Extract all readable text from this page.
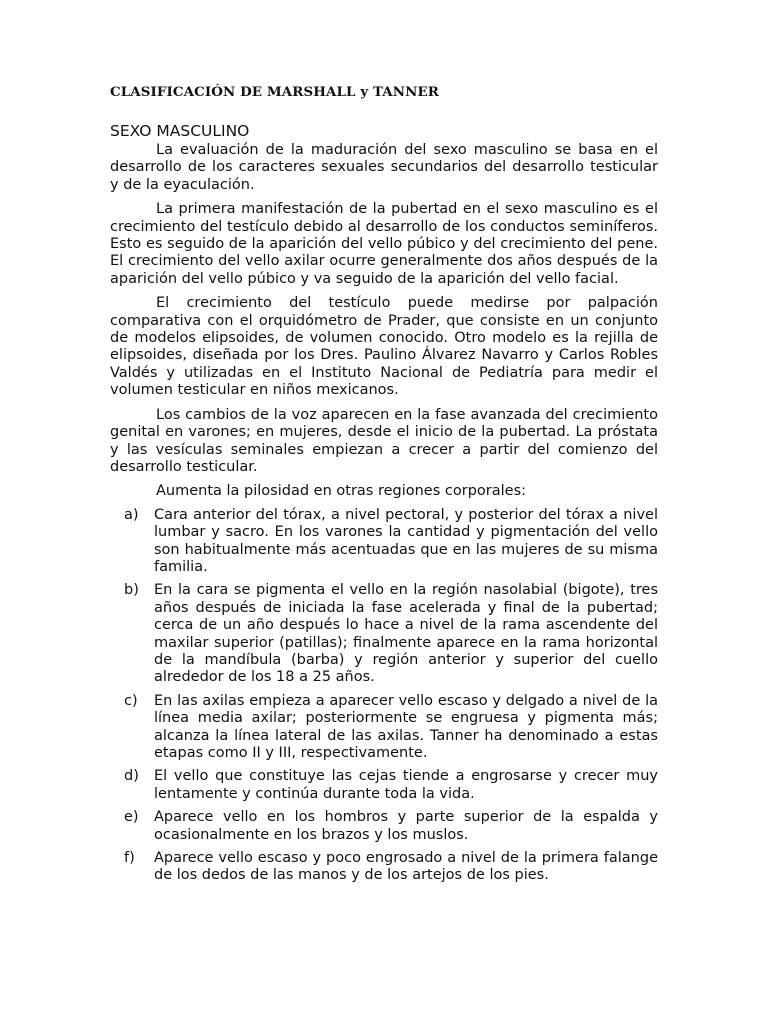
CLASIFICACIÓN DE MARSHALL y TANNER
SEXO MASCULINO

La evaluación de la maduración del sexo masculino se basa en el desarrollo de los caracteres sexuales secundarios del desarrollo testicular y de la eyaculación.

La primera manifestación de la pubertad en el sexo masculino es el crecimiento del testículo debido al desarrollo de los conductos seminíferos. Esto es seguido de la aparición del vello púbico y del crecimiento del pene. El crecimiento del vello axilar ocurre generalmente dos años después de la aparición del vello púbico y va seguido de la aparición del vello facial.

El crecimiento del testículo puede medirse por palpación comparativa con el orquidómetro de Prader, que consiste en un conjunto de modelos elipsoides, de volumen conocido. Otro modelo es la rejilla de elipsoides, diseñada por los Dres. Paulino Álvarez Navarro y Carlos Robles Valdés y utilizadas en el Instituto Nacional de Pediatría para medir el volumen testicular en niños mexicanos.

Los cambios de la voz aparecen en la fase avanzada del crecimiento genital en varones; en mujeres, desde el inicio de la pubertad. La próstata y las vesículas seminales empiezan a crecer a partir del comienzo del desarrollo testicular.

Aumenta la pilosidad en otras regiones corporales:

a) Cara anterior del tórax, a nivel pectoral, y posterior del tórax a nivel lumbar y sacro. En los varones la cantidad y pigmentación del vello son habitualmente más acentuadas que en las mujeres de su misma familia.
b) En la cara se pigmenta el vello en la región nasolabial (bigote), tres años después de iniciada la fase acelerada y final de la pubertad; cerca de un año después lo hace a nivel de la rama ascendente del maxilar superior (patillas); finalmente aparece en la rama horizontal de la mandíbula (barba) y región anterior y superior del cuello alrededor de los 18 a 25 años.
c) En las axilas empieza a aparecer vello escaso y delgado a nivel de la línea media axilar; posteriormente se engruesa y pigmenta más; alcanza la línea lateral de las axilas. Tanner ha denominado a estas etapas como II y III, respectivamente.
d) El vello que constituye las cejas tiende a engrosarse y crecer muy lentamente y continúa durante toda la vida.
e) Aparece vello en los hombros y parte superior de la espalda y ocasionalmente en los brazos y los muslos.
f) Aparece vello escaso y poco engrosado a nivel de la primera falange de los dedos de las manos y de los artejos de los pies.
